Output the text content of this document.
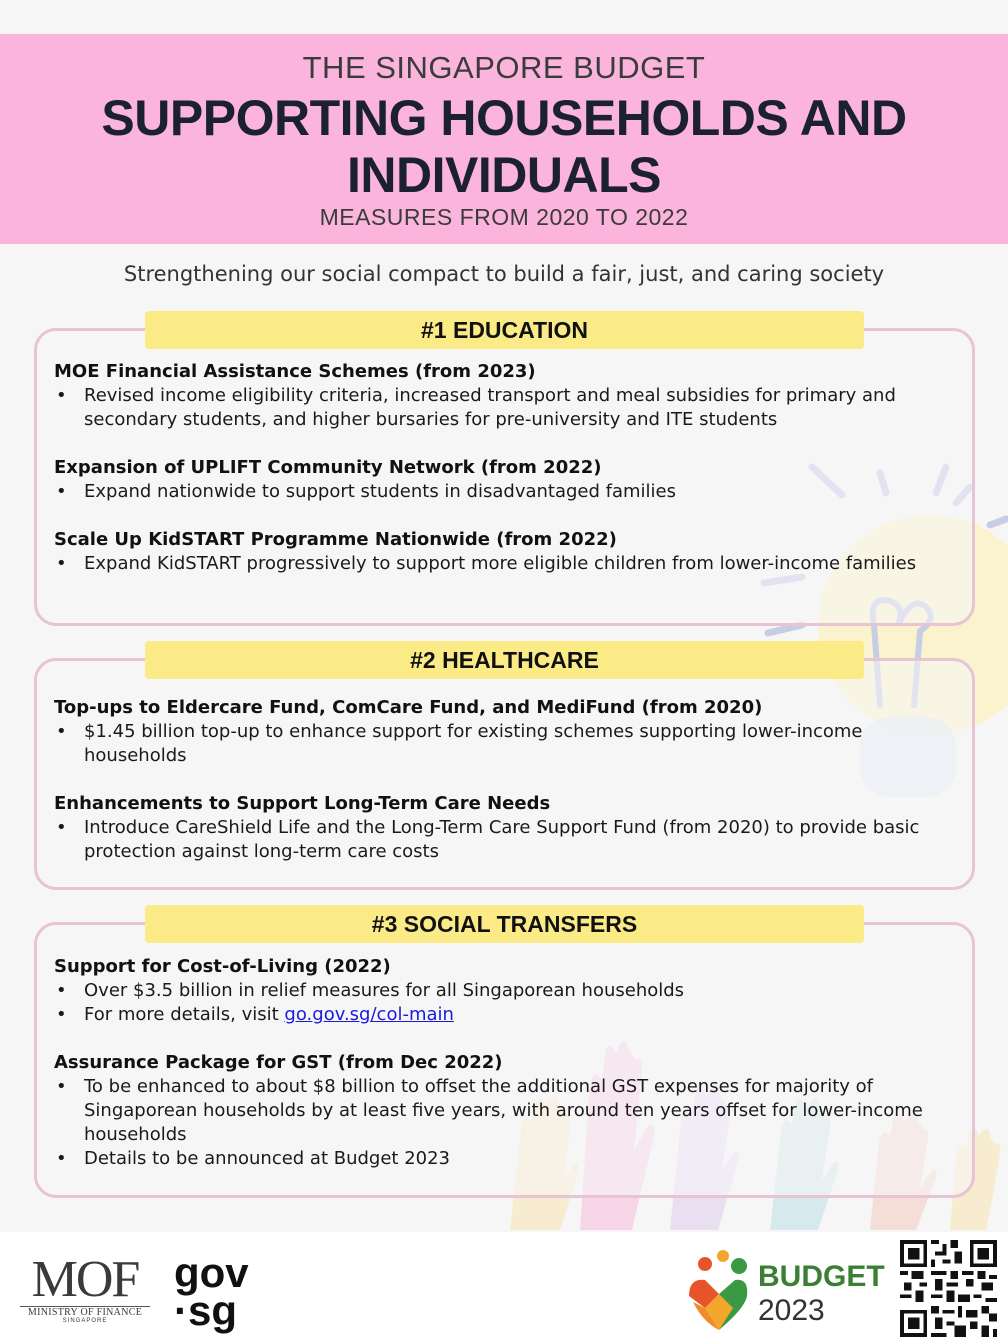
THE SINGAPORE BUDGET
SUPPORTING HOUSEHOLDS AND
INDIVIDUALS
MEASURES FROM 2020 TO 2022
Strengthening our social compact to build a fair, just, and caring society
#1 EDUCATION
MOE Financial Assistance Schemes (from 2023)
• Revised income eligibility criteria, increased transport and meal subsidies for primary and secondary students, and higher bursaries for pre-university and ITE students
Expansion of UPLIFT Community Network (from 2022)
• Expand nationwide to support students in disadvantaged families
Scale Up KidSTART Programme Nationwide (from 2022)
• Expand KidSTART progressively to support more eligible children from lower-income families
#2 HEALTHCARE
Top-ups to Eldercare Fund, ComCare Fund, and MediFund (from 2020)
• $1.45 billion top-up to enhance support for existing schemes supporting lower-income households
Enhancements to Support Long-Term Care Needs
• Introduce CareShield Life and the Long-Term Care Support Fund (from 2020) to provide basic protection against long-term care costs
#3 SOCIAL TRANSFERS
Support for Cost-of-Living (2022)
• Over $3.5 billion in relief measures for all Singaporean households
• For more details, visit go.gov.sg/col-main
Assurance Package for GST (from Dec 2022)
• To be enhanced to about $8 billion to offset the additional GST expenses for majority of Singaporean households by at least five years, with around ten years offset for lower-income households
• Details to be announced at Budget 2023
MOF
MINISTRY OF FINANCE
SINGAPORE
gov
·sg
BUDGET
2023
